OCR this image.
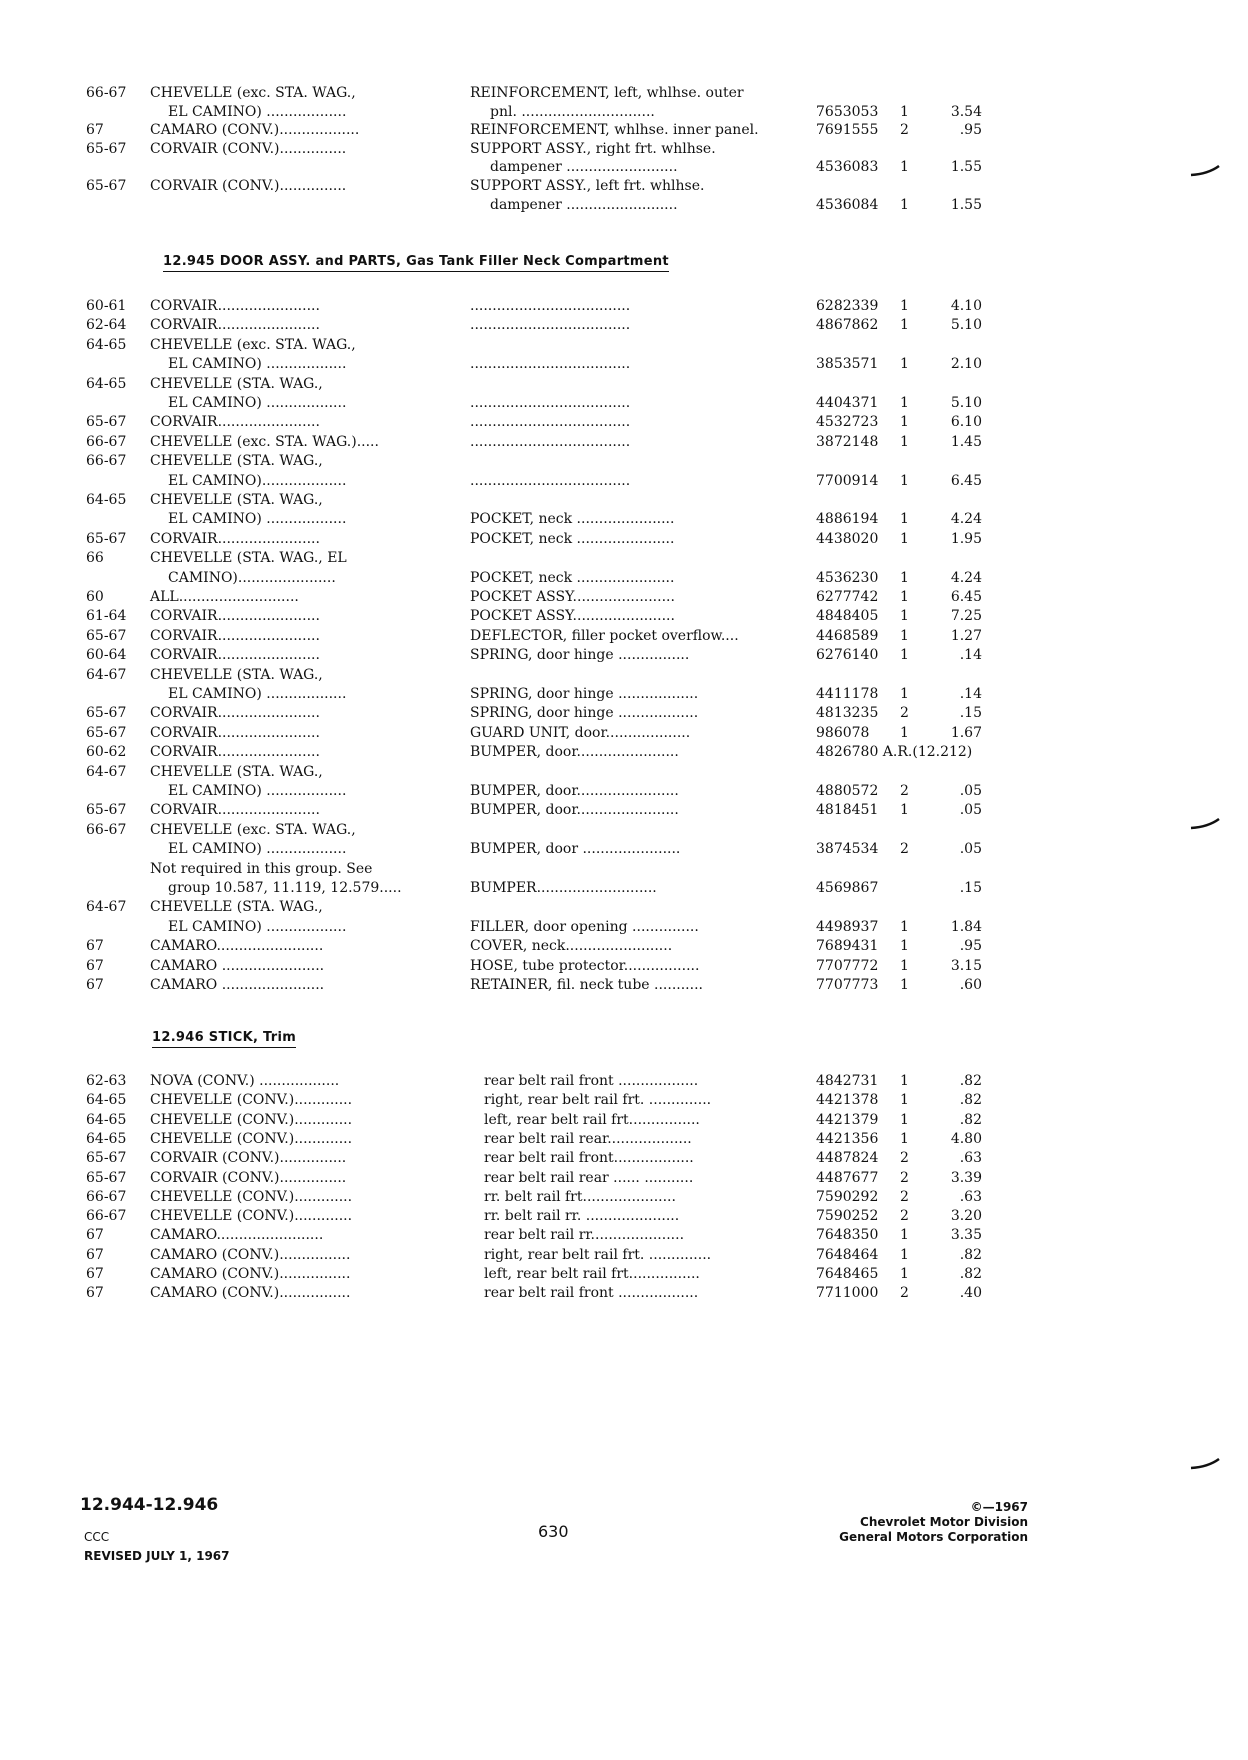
66-67 CHEVELLE (exc. STA. WAG.,	REINFORCEMENT, left, whlhse. outer
EL CAMINO) ..................	pnl. ..............................	7653053 1	3.54
67	CAMARO (CONV.)..................	REINFORCEMENT, whlhse. inner panel.	7691555 2	.95
65-67 CORVAIR (CONV.)...............	SUPPORT ASSY., right frt. whlhse.
dampener .........................	4536083 1	1.55
65-67 CORVAIR (CONV.)...............	SUPPORT ASSY., left frt. whlhse.
dampener .........................	4536084 1	1.55
12.945 DOOR ASSY. and PARTS, Gas Tank Filler Neck Compartment
60-61 CORVAIR.......................	....................................	6282339 1	4.10
62-64 CORVAIR.......................	....................................	4867862 1	5.10
64-65 CHEVELLE (exc. STA. WAG.,
EL CAMINO) ..................	....................................	3853571 1	2.10
64-65 CHEVELLE (STA. WAG.,
EL CAMINO) ..................	....................................	4404371 1	5.10
65-67 CORVAIR.......................	....................................	4532723 1	6.10
66-67 CHEVELLE (exc. STA. WAG.).....	....................................	3872148 1	1.45
66-67 CHEVELLE (STA. WAG.,
EL CAMINO)...................	....................................	7700914 1	6.45
64-65 CHEVELLE (STA. WAG.,
EL CAMINO) ..................	POCKET, neck ......................	4886194 1	4.24
65-67 CORVAIR.......................	POCKET, neck ......................	4438020 1	1.95
66	CHEVELLE (STA. WAG., EL
CAMINO)......................	POCKET, neck ......................	4536230 1	4.24
60	ALL...........................	POCKET ASSY.......................	6277742 1	6.45
61-64 CORVAIR.......................	POCKET ASSY.......................	4848405 1	7.25
65-67 CORVAIR.......................	DEFLECTOR, filler pocket overflow....	4468589 1	1.27
60-64 CORVAIR.......................	SPRING, door hinge ................	6276140 1	.14
64-67 CHEVELLE (STA. WAG.,
EL CAMINO) ..................	SPRING, door hinge ..................	4411178 1	.14
65-67 CORVAIR.......................	SPRING, door hinge ..................	4813235 2	.15
65-67 CORVAIR.......................	GUARD UNIT, door...................	986078 1	1.67
60-62 CORVAIR.......................	BUMPER, door.......................	4826780 A.R.(12.212)
64-67 CHEVELLE (STA. WAG.,
EL CAMINO) ..................	BUMPER, door.......................	4880572 2	.05
65-67 CORVAIR.......................	BUMPER, door.......................	4818451 1	.05
66-67 CHEVELLE (exc. STA. WAG.,
EL CAMINO) ..................	BUMPER, door ......................	3874534 2	.05
Not required in this group. See
group 10.587, 11.119, 12.579.....	BUMPER...........................	4569867	.15
64-67 CHEVELLE (STA. WAG.,
EL CAMINO) ..................	FILLER, door opening ...............	4498937 1	1.84
67	CAMARO........................	COVER, neck........................	7689431 1	.95
67	CAMARO .......................	HOSE, tube protector.................	7707772 1	3.15
67	CAMARO .......................	RETAINER, fil. neck tube ...........	7707773 1	.60
12.946 STICK, Trim
62-63 NOVA (CONV.) ..................	rear belt rail front ..................	4842731 1	.82
64-65 CHEVELLE (CONV.).............	right, rear belt rail frt. ..............	4421378 1	.82
64-65 CHEVELLE (CONV.).............	left, rear belt rail frt................	4421379 1	.82
64-65 CHEVELLE (CONV.).............	rear belt rail rear...................	4421356 1	4.80
65-67 CORVAIR (CONV.)...............	rear belt rail front..................	4487824 2	.63
65-67 CORVAIR (CONV.)...............	rear belt rail rear ...... ...........	4487677 2	3.39
66-67 CHEVELLE (CONV.).............	rr. belt rail frt.....................	7590292 2	.63
66-67 CHEVELLE (CONV.).............	rr. belt rail rr. .....................	7590252 2	3.20
67	CAMARO........................	rear belt rail rr.....................	7648350 1	3.35
67	CAMARO (CONV.)................	right, rear belt rail frt. ..............	7648464 1	.82
67	CAMARO (CONV.)................	left, rear belt rail frt................	7648465 1	.82
67	CAMARO (CONV.)................	rear belt rail front ..................	7711000 2	.40
12.944-12.946
CCC
REVISED JULY 1, 1967
630
©—1967
Chevrolet Motor Division
General Motors Corporation
